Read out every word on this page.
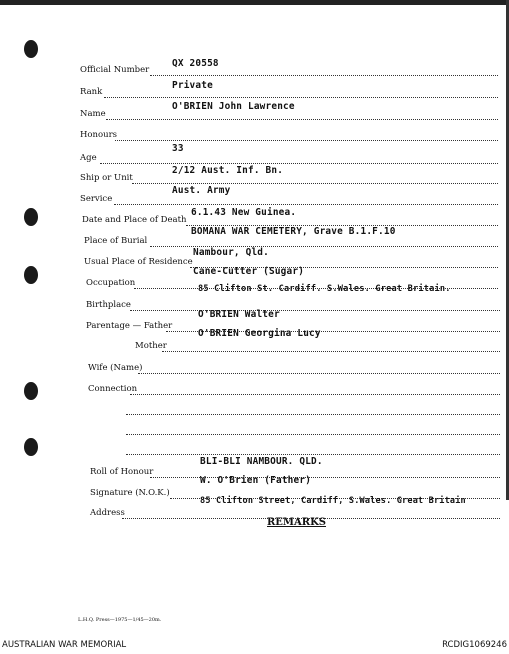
Official Number
QX 20558
Rank
Private
Name
O'BRIEN John Lawrence
Honours
Age
33
Ship or Unit
2/12 Aust. Inf. Bn.
Service
Aust. Army
Date and Place of Death
6.1.43 New Guinea.
Place of Burial
BOMANA WAR CEMETERY, Grave B.1.F.10
Usual Place of Residence
Nambour, Qld.
Occupation
Cane-Cutter (Sugar)
Birthplace
85 Clifton St. Cardiff. S.Wales. Great Britain.
Parentage — Father
O'BRIEN Walter
Mother
O'BRIEN Georgina Lucy
Wife (Name)
Connection
Roll of Honour
BLI-BLI NAMBOUR. QLD.
Signature (N.O.K.)
W. O'Brien (Father)
Address
85 Clifton Street, Cardiff, S.Wales. Great Britain
REMARKS
L.H.Q. Press—1975—1/45—20m.
AUSTRALIAN WAR MEMORIAL	RCDIG1069246
